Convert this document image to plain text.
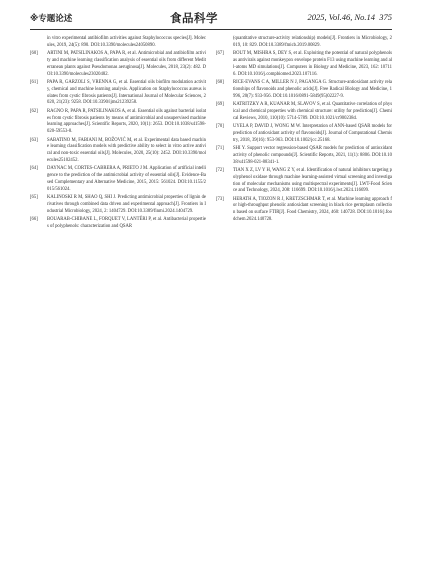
※专题论述	食品科学	2025, Vol.46, No.14 375
in vitro experimental antibiofilm activities against Staphylococcus species[J]. Molecules, 2019, 24(5): 890. DOI:10.3390/molecules24050890.
[60] ARTINI M, PATSILINAKOS A, PAPA R, et al. Antimicrobial and antibiofilm activity and machine learning classification analysis of essential oils from different Mediterranean plants against Pseudomonas aeruginosa[J]. Molecules, 2018, 23(2): 482. DOI:10.3390/molecules23020482.
[61] PAPA R, GARZOLI S, VRENNA G, et al. Essential oils biofilm modulation activity, chemical and machine learning analysis. Application on Staphylococcus aureus isolates from cystic fibrosis patients[J]. International Journal of Molecular Sciences, 2020, 21(23): 9258. DOI:10.3390/ijms21239258.
[62] RAGNO R, PAPA R, PATSILINAKOS A, et al. Essential oils against bacterial isolates from cystic fibrosis patients by means of antimicrobial and unsupervised machine learning approaches[J]. Scientific Reports, 2020, 10(1): 2653. DOI:10.1038/s41598-020-59553-8.
[63] SABATINO M, FABIANI M, BOŽOVIĆ M, et al. Experimental data based machine learning classification models with predictive ability to select in vitro active antiviral and non-toxic essential oils[J]. Molecules, 2020, 25(10): 2452. DOI:10.3390/molecules25102452.
[64] DAYNAC M, CORTES-CABRERA A, PRIETO J M. Application of artificial intelligence to the prediction of the antimicrobial activity of essential oils[J]. Evidence-Based Complementary and Alternative Medicine, 2015, 2015: 561024. DOI:10.1155/2015/561024.
[65] KALINOSKI R M, SHAO Q, SHI J. Predicting antimicrobial properties of lignin derivatives through combined data driven and experimental approach[J]. Frontiers in Industrial Microbiology, 2024, 2: 1404729. DOI:10.3389/finmi.2024.1404729.
[66] BOUARAB-CHIBANE L, FORQUET V, LANTÉRI P, et al. Antibacterial properties of polyphenols: characterization and QSAR
(quantitative structure-activity relationship) models[J]. Frontiers in Microbiology, 2019, 10: 829. DOI:10.3389/fmicb.2019.00829.
[67] BOUT M, MISHRA S, DEY S, et al. Exploiting the potential of natural polyphenols as antivirals against monkeypox envelope protein F13 using machine learning and all-atoms MD simulations[J]. Computers in Biology and Medicine, 2023, 162: 107116. DOI:10.1016/j.compbiomed.2023.107116.
[68] RICE-EVANS C A, MILLER N J, PAGANGA G. Structure-antioxidant activity relationships of flavonoids and phenolic acids[J]. Free Radical Biology and Medicine, 1996, 20(7): 933-956. DOI:10.1016/0891-5849(95)02227-9.
[69] KATRITZKY A R, KUANAR M, SLAVOV S, et al. Quantitative correlation of physical and chemical properties with chemical structure: utility for prediction[J]. Chemical Reviews, 2010, 110(10): 5714-5789. DOI:10.1021/cr900238d.
[70] UYELA P, DAVID J, WONG M W. Interpretation of ANN-based QSAR models for prediction of antioxidant activity of flavonoids[J]. Journal of Computational Chemistry, 2018, 39(16): 953-963. DOI:10.1002/jcc.25168.
[71] SHI Y. Support vector regression-based QSAR models for prediction of antioxidant activity of phenolic compounds[J]. Scientific Reports, 2021, 11(1): 8806. DOI:10.1038/s41598-021-88341-1.
[72] TIAN X Z, LV Y H, WANG Z Y, et al. Identification of natural inhibitors targeting polyphenol oxidase through machine learning-assisted virtual screening and investigation of molecular mechanisms using multispectral experiments[J]. LWT-Food Science and Technology, 2024, 208: 116699. DOI:10.1016/j.lwt.2024.116699.
[73] HERATH A, TIOZON R J, KRETZSCHMAR T, et al. Machine learning approach for high-throughput phenolic antioxidant screening in black rice germplasm collection based on surface FTIR[J]. Food Chemistry, 2024, 460: 140728. DOI:10.1016/j.foodchem.2024.140728.
